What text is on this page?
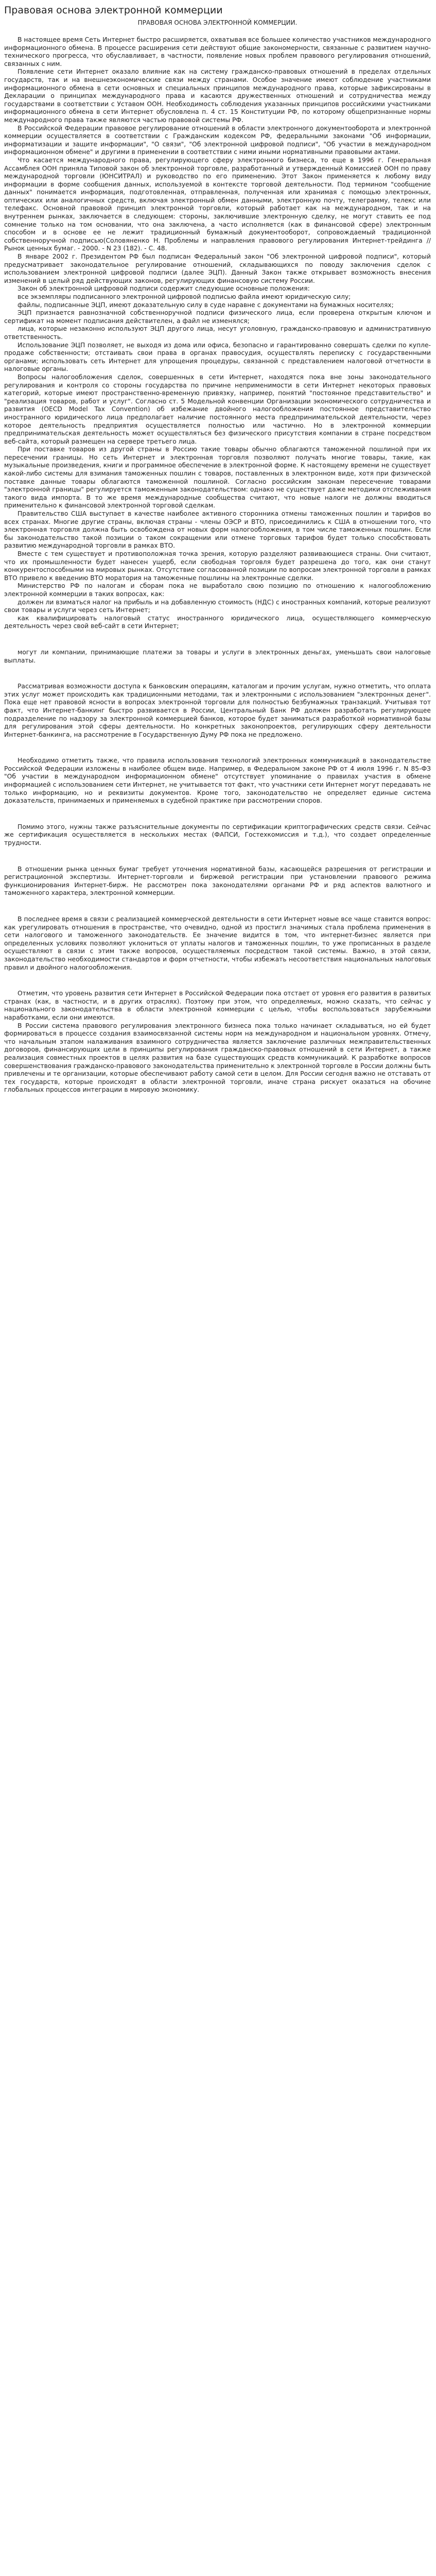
Правовая основа электронной коммерции
ПРАВОВАЯ ОСНОВА ЭЛЕКТРОННОЙ КОММЕРЦИИ.

В настоящее время Сеть Интернет быстро расширяется, охватывая все большее количество участников международного информационного обмена. В процессе расширения сети действуют общие закономерности, связанные с развитием научно-технического прогресса, что обуславливает, в частности, появление новых проблем правового регулирования отношений, связанных с ним.

Появление сети Интернет оказало влияние как на систему гражданско-правовых отношений в пределах отдельных государств, так и на внешнеэкономические связи между странами. Особое значение имеют соблюдение участниками информационного обмена в сети основных и специальных принципов международного права, которые зафиксированы в Декларации о принципах международного права и касаются дружественных отношений и сотрудничества между государствами в соответствии с Уставом ООН. Необходимость соблюдения указанных принципов российскими участниками информационного обмена в сети Интернет обусловлена п. 4 ст. 15 Конституции РФ, по которому общепризнанные нормы международного права также являются частью правовой системы РФ.

В Российской Федерации правовое регулирование отношений в области электронного документооборота и электронной коммерции осуществляется в соответствии с Гражданским кодексом РФ, федеральными законами "Об информации, информатизации и защите информации", "О связи", "Об электронной цифровой подписи", "Об участии в международном информационном обмене" и другими в применении в соответствии с ними иными нормативными правовыми актами.

Что касается международного права, регулирующего сферу электронного бизнеса, то еще в 1996 г. Генеральная Ассамблея ООН приняла Типовой закон об электронной торговле, разработанный и утвержденный Комиссией ООН по праву международной торговли (ЮНСИТРАЛ) и руководство по его применению. Этот Закон применяется к любому виду информации в форме сообщения данных, используемой в контексте торговой деятельности. Под термином "сообщение данных" понимается информация, подготовленная, отправленная, полученная или хранимая с помощью электронных, оптических или аналогичных средств, включая электронный обмен данными, электронную почту, телеграмму, телекс или телефакс. Основной правовой принцип электронной торговли, который работает как на международном, так и на внутреннем рынках, заключается в следующем: стороны, заключившие электронную сделку, не могут ставить ее под сомнение только на том основании, что она заключена, а часто исполняется (как в финансовой сфере) электронным способом и в основе ее не лежит традиционный бумажный документооборот, сопровождаемый традиционной собственноручной подписью(Соловяненко Н. Проблемы и направления правового регулирования Интернет-трейдинга //Рынок ценных бумаг. - 2000. - N 23 (182). - С. 48.

В январе 2002 г. Президентом РФ был подписан Федеральный закон "Об электронной цифровой подписи", который предусматривает законодательное регулирование отношений, складывающихся по поводу заключения сделок с использованием электронной цифровой подписи (далее ЭЦП). Данный Закон также открывает возможность внесения изменений в целый ряд действующих законов, регулирующих финансовую систему России.

Закон об электронной цифровой подписи содержит следующие основные положения:

все экземпляры подписанного электронной цифровой подписью файла имеют юридическую силу;

файлы, подписанные ЭЦП, имеют доказательную силу в суде наравне с документами на бумажных носителях;

ЭЦП признается равнозначной собственноручной подписи физического лица, если проверена открытым ключом и сертификат на момент подписания действителен, а файл не изменялся;

лица, которые незаконно используют ЭЦП другого лица, несут уголовную, гражданско-правовую и административную ответственность.

Использование ЭЦП позволяет, не выходя из дома или офиса, безопасно и гарантированно совершать сделки по купле-продаже собственности; отстаивать свои права в органах правосудия, осуществлять переписку с государственными органами; использовать сеть Интернет для упрощения процедуры, связанной с представлением налоговой отчетности в налоговые органы.

Вопросы налогообложения сделок, совершенных в сети Интернет, находятся пока вне зоны законодательного регулирования и контроля со стороны государства по причине неприменимости в сети Интернет некоторых правовых категорий, которые имеют пространственно-временную привязку, например, понятий "постоянное представительство" и "реализация товаров, работ и услуг". Согласно ст. 5 Модельной конвенции Организации экономического сотрудничества и развития (OECD Model Tax Convention) об избежание двойного налогообложения постоянное представительство иностранного юридического лица предполагает наличие постоянного места предпринимательской деятельности, через которое деятельность предприятия осуществляется полностью или частично. Но в электронной коммерции предпринимательская деятельность может осуществляться без физического присутствия компании в стране посредством веб-сайта, который размещен на сервере третьего лица.

При поставке товаров из другой страны в Россию такие товары обычно облагаются таможенной пошлиной при их пересечении границы. Но сеть Интернет и электронная торговля позволяют получать многие товары, такие, как музыкальные произведения, книги и программное обеспечение в электронной форме. К настоящему времени не существует какой-либо системы для взимания таможенных пошлин с товаров, поставленных в электронном виде, хотя при физической поставке данные товары облагаются таможенной пошлиной. Согласно российским законам пересечение товарами "электронной границы" регулируется таможенным законодательством: однако не существует даже методики отслеживания такого вида импорта. В то же время международные сообщества считают, что новые налоги не должны вводиться применительно к финансовой электронной торговой сделкам.

Правительство США выступает в качестве наиболее активного сторонника отмены таможенных пошлин и тарифов во всех странах. Многие другие страны, включая страны - члены ОЭСР и ВТО, присоединились к США в отношении того, что электронная торговля должна быть освобождена от новых форм налогообложения, в том числе таможенных пошлин. Если бы законодательство такой позиции о таком сокращении или отмене торговых тарифов будет только способствовать развитию международной торговли в рамках ВТО.

Вместе с тем существует и противоположная точка зрения, которую разделяют развивающиеся страны. Они считают, что их промышленности будет нанесен ущерб, если свободная торговля будет разрешена до того, как они станут конкурентоспособными на мировых рынках. Отсутствие согласованной позиции по вопросам электронной торговли в рамках ВТО привело к введению ВТО моратория на таможенные пошлины на электронные сделки.

Министерство РФ по налогам и сборам пока не выработало свою позицию по отношению к налогообложению электронной коммерции в таких вопросах, как:

должен ли взиматься налог на прибыль и на добавленную стоимость (НДС) с иностранных компаний, которые реализуют свои товары и услуги через сеть Интернет;

как квалифицировать налоговый статус иностранного юридического лица, осуществляющего коммерческую деятельность через свой веб-сайт в сети Интернет;

могут ли компании, принимающие платежи за товары и услуги в электронных деньгах, уменьшать свои налоговые выплаты.

Рассматривая возможности доступа к банковским операциям, каталогам и прочим услугам, нужно отметить, что оплата этих услуг может происходить как традиционными методами, так и электронными с использованием "электронных денег". Пока еще нет правовой ясности в вопросах электронной торговли для полностью безбумажных транзакций. Учитывая тот факт, что Интернет-банкинг быстро развивается в России, Центральный Банк РФ должен разработать регулирующее подразделение по надзору за электронной коммерцией банков, которое будет заниматься разработкой нормативной базы для регулирования этой сферы деятельности. Но конкретных законопроектов, регулирующих сферу деятельности Интернет-банкинга, на рассмотрение в Государственную Думу РФ пока не предложено.

Необходимо отметить также, что правила использования технологий электронных коммуникаций в законодательстве Российской Федерации изложены в наиболее общем виде. Например, в Федеральном законе РФ от 4 июля 1996 г. N 85-ФЗ "Об участии в международном информационном обмене" отсутствует упоминание о правилах участия в обмене информацией с использованием сети Интернет, не учитывается тот факт, что участники сети Интернет могут передавать не только информацию, но и реквизиты документов. Кроме того, законодательство не определяет единые система доказательств, принимаемых и применяемых в судебной практике при рассмотрении споров.

Помимо этого, нужны также разъяснительные документы по сертификации криптографических средств связи. Сейчас же сертификация осуществляется в нескольких местах (ФАПСИ, Гостехкомиссия и т.д.), что создает определенные трудности.

В отношении рынка ценных бумаг требует уточнения нормативной базы, касающейся разрешения от регистрации и регистрационной экспертизы. Интернет-торговли и биржевой регистрации при установлении правового режима функционирования Интернет-бирж. Не рассмотрен пока законодателями органами РФ и ряд аспектов валютного и таможенного характера, электронной коммерции.

В последнее время в связи с реализацией коммерческой деятельности в сети Интернет новые все чаще ставится вопрос: как урегулировать отношения в пространстве, что очевидно, одной из простигл значимых стала проблема применения в сети налогового и таможенного законодательств. Ее значение видится в том, что интернет-бизнес является при определенных условиях позволяют уклониться от уплаты налогов и таможенных пошлин, то уже прописанных в разделе осуществляют в связи с этим также вопросов, осуществляемых посредством такой системы. Важно, в этой связи, законодательство необходимости стандартов и форм отчетности, чтобы избежать несоответствия национальных налоговых правил и двойного налогообложения.

Отметим, что уровень развития сети Интернет в Российской Федерации пока отстает от уровня его развития в развитых странах (как, в частности, и в других отраслях). Поэтому при этом, что определяемых, можно сказать, что сейчас у национального законодательства в области электронной коммерции с целью, чтобы воспользоваться зарубежными наработками, если они имеются.

В России система правового регулирования электронного бизнеса пока только начинает складываться, но ей будет формироваться в процессе создания взаимосвязанной системы норм на международном и национальном уровнях. Отмечу, что начальным этапом налаживания взаимного сотрудничества является заключение различных межправительственных договоров, финансирующих цели в принципы регулирования гражданско-правовых отношений в сети Интернет, а также реализация совместных проектов в целях развития на базе существующих средств коммуникаций. К разработке вопросов совершенствования гражданско-правового законодательства применительно к электронной торговле в России должны быть привлечены и те организации, которые обеспечивают работу самой сети в целом. Для России сегодня важно не отставать от тех государств, которые происходят в области электронной торговли, иначе страна рискует оказаться на обочине глобальных процессов интеграции в мировую экономику.
